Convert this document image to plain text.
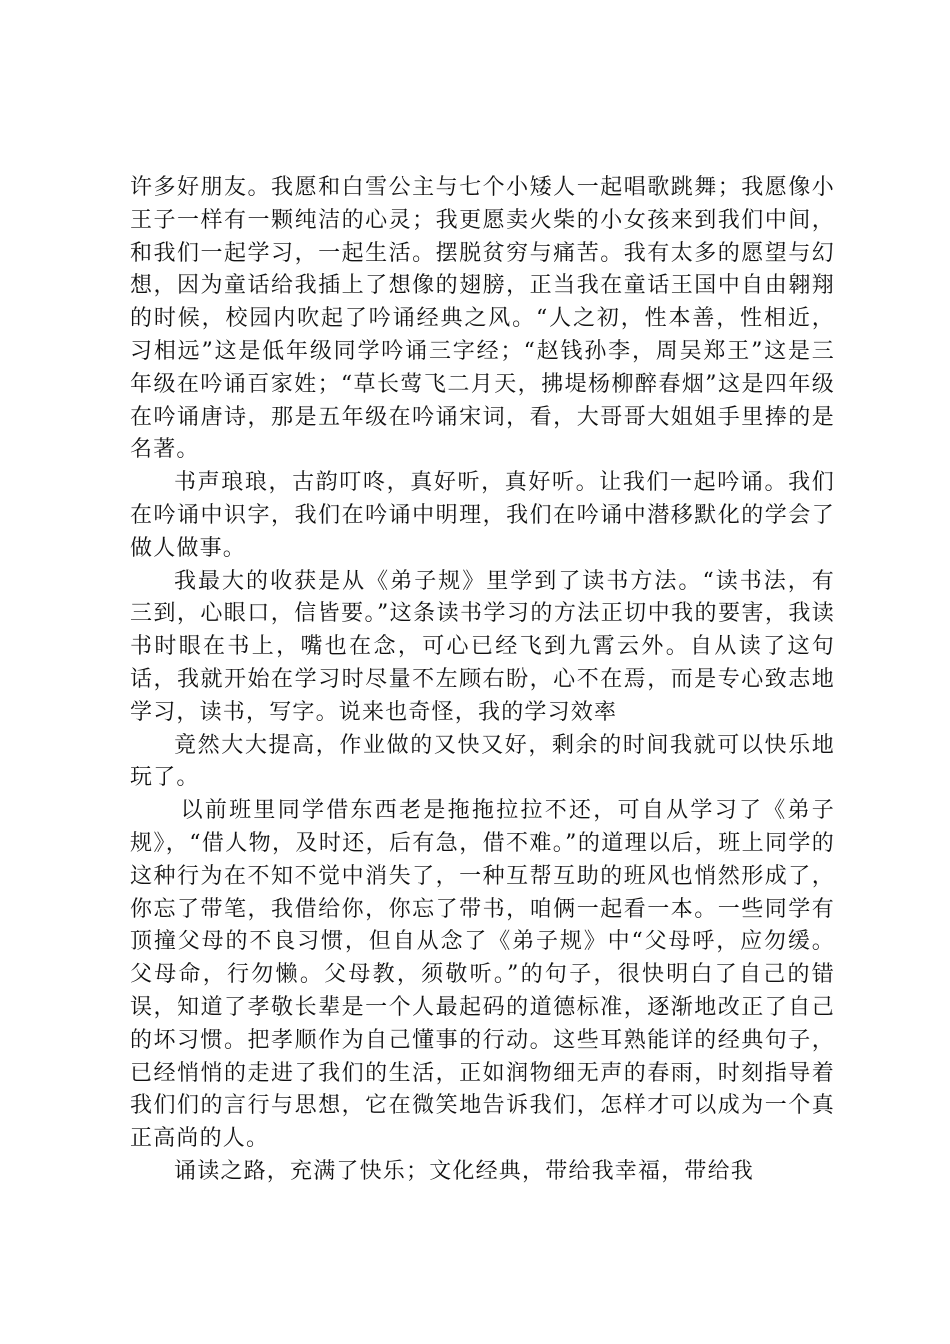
许多好朋友。我愿和白雪公主与七个小矮人一起唱歌跳舞；我愿像小王子一样有一颗纯洁的心灵；我更愿卖火柴的小女孩来到我们中间，和我们一起学习，一起生活。摆脱贫穷与痛苦。我有太多的愿望与幻想，因为童话给我插上了想像的翅膀，正当我在童话王国中自由翱翔的时候，校园内吹起了吟诵经典之风。“人之初，性本善，性相近，习相远”这是低年级同学吟诵三字经；“赵钱孙李，周吴郑王”这是三年级在吟诵百家姓；“草长莺飞二月天，拂堤杨柳醉春烟”这是四年级在吟诵唐诗，那是五年级在吟诵宋词，看，大哥哥大姐姐手里捧的是名著。

书声琅琅，古韵叮咚，真好听，真好听。让我们一起吟诵。我们在吟诵中识字，我们在吟诵中明理，我们在吟诵中潜移默化的学会了做人做事。

我最大的收获是从《弟子规》里学到了读书方法。“读书法，有三到，心眼口，信皆要。”这条读书学习的方法正切中我的要害，我读书时眼在书上，嘴也在念，可心已经飞到九霄云外。自从读了这句话，我就开始在学习时尽量不左顾右盼，心不在焉，而是专心致志地学习，读书，写字。说来也奇怪，我的学习效率

竟然大大提高，作业做的又快又好，剩余的时间我就可以快乐地玩了。

以前班里同学借东西老是拖拖拉拉不还，可自从学习了《弟子规》，“借人物，及时还，后有急，借不难。”的道理以后，班上同学的这种行为在不知不觉中消失了，一种互帮互助的班风也悄然形成了，你忘了带笔，我借给你，你忘了带书，咱俩一起看一本。一些同学有顶撞父母的不良习惯，但自从念了《弟子规》中“父母呼，应勿缓。父母命，行勿懒。父母教，须敬听。”的句子，很快明白了自己的错误，知道了孝敬长辈是一个人最起码的道德标准，逐渐地改正了自己的坏习惯。把孝顺作为自己懂事的行动。这些耳熟能详的经典句子，已经悄悄的走进了我们的生活，正如润物细无声的春雨，时刻指导着我们们的言行与思想，它在微笑地告诉我们，怎样才可以成为一个真正高尚的人。

诵读之路，充满了快乐；文化经典，带给我幸福，带给我
